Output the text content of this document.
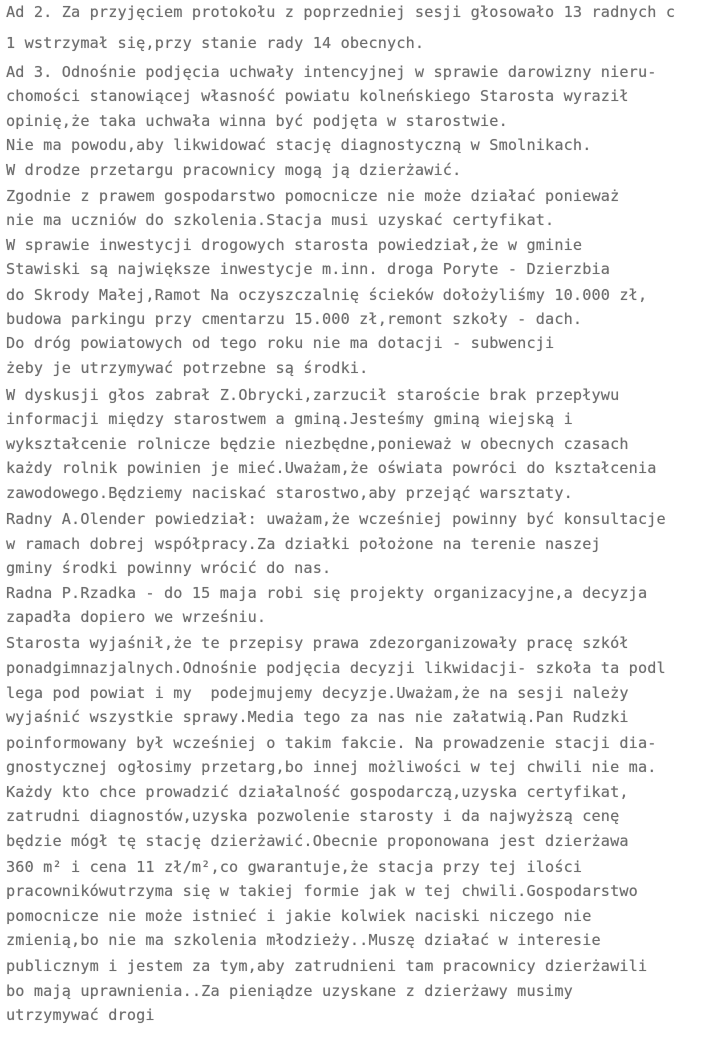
Ad 2. Za przyjęciem protokołu z poprzedniej sesji głosowało 13 radnych c
1 wstrzymał się,przy stanie rady 14 obecnych.
Ad 3. Odnośnie podjęcia uchwały intencyjnej w sprawie darowizny nieru-
chomości stanowiącej własność powiatu kolneńskiego Starosta wyraził
opinię,że taka uchwała winna być podjęta w starostwie.
Nie ma powodu,aby likwidować stację diagnostyczną w Smolnikach.
W drodze przetargu pracownicy mogą ją dzierżawić.
Zgodnie z prawem gospodarstwo pomocnicze nie może działać ponieważ
nie ma uczniów do szkolenia.Stacja musi uzyskać certyfikat.
W sprawie inwestycji drogowych starosta powiedział,że w gminie
Stawiski są największe inwestycje m.inn. droga Poryte - Dzierzbia
do Skrody Małej,Ramot Na oczyszczalnię ścieków dołożyliśmy 10.000 zł,
budowa parkingu przy cmentarzu 15.000 zł,remont szkoły - dach.
Do dróg powiatowych od tego roku nie ma dotacji - subwencji
żeby je utrzymywać potrzebne są środki.
W dyskusji głos zabrał Z.Obrycki,zarzucił staroście brak przepływu
informacji między starostwem a gminą.Jesteśmy gminą wiejską i
wykształcenie rolnicze będzie niezbędne,ponieważ w obecnych czasach
każdy rolnik powinien je mieć.Uważam,że oświata powróci do kształcenia
zawodowego.Będziemy naciskać starostwo,aby przejąć warsztaty.
Radny A.Olender powiedział: uważam,że wcześniej powinny być konsultacje
w ramach dobrej współpracy.Za działki położone na terenie naszej
gminy środki powinny wrócić do nas.
Radna P.Rzadka - do 15 maja robi się projekty organizacyjne,a decyzja
zapadła dopiero we wrześniu.
Starosta wyjaśnił,że te przepisy prawa zdezorganizowały pracę szkół
ponadgimnazjalnych.Odnośnie podjęcia decyzji likwidacji- szkoła ta podl
lega pod powiat i my  podejmujemy decyzje.Uważam,że na sesji należy
wyjaśnić wszystkie sprawy.Media tego za nas nie załatwią.Pan Rudzki
poinformowany był wcześniej o takim fakcie. Na prowadzenie stacji dia-
gnostycznej ogłosimy przetarg,bo innej możliwości w tej chwili nie ma.
Każdy kto chce prowadzić działalność gospodarczą,uzyska certyfikat,
zatrudni diagnostów,uzyska pozwolenie starosty i da najwyższą cenę
będzie mógł tę stację dzierżawić.Obecnie proponowana jest dzierżawa
360 m² i cena 11 zł/m²,co gwarantuje,że stacja przy tej ilości
pracownikówutrzyma się w takiej formie jak w tej chwili.Gospodarstwo
pomocnicze nie może istnieć i jakie kolwiek naciski niczego nie
zmienią,bo nie ma szkolenia młodzieży..Muszę działać w interesie
publicznym i jestem za tym,aby zatrudnieni tam pracownicy dzierżawili
bo mają uprawnienia..Za pieniądze uzyskane z dzierżawy musimy
utrzymywać drogi
